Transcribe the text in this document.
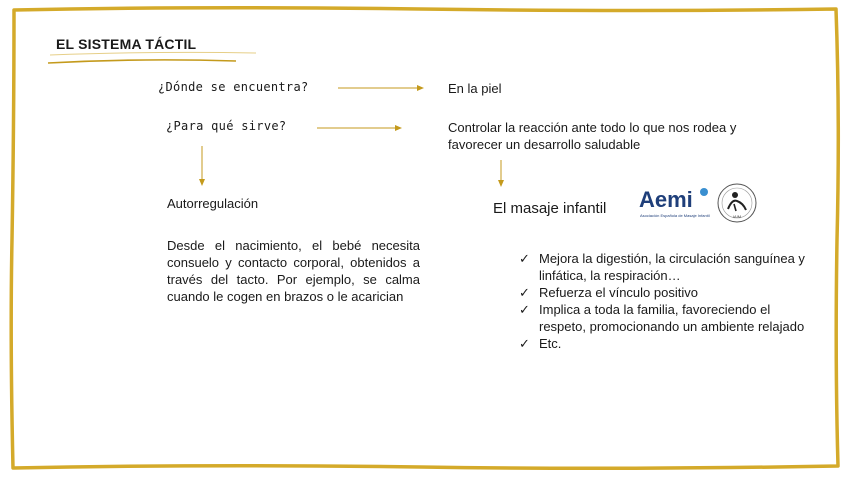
EL SISTEMA TÁCTIL
¿Dónde se encuentra?
¿Para qué sirve?
En la piel
Controlar la reacción ante todo lo que nos rodea y favorecer un desarrollo saludable
Autorregulación
Desde el nacimiento, el bebé necesita consuelo y contacto corporal, obtenidos a través del tacto. Por ejemplo, se calma cuando le cogen en brazos o le acarician
El masaje infantil Aemi
Asociación Española de Masaje Infantil	IAIM
✓ Mejora la digestión, la circulación sanguínea y linfática, la respiración…
✓ Refuerza el vínculo positivo
✓ Implica a toda la familia, favoreciendo el respeto, promocionando un ambiente relajado
✓ Etc.
